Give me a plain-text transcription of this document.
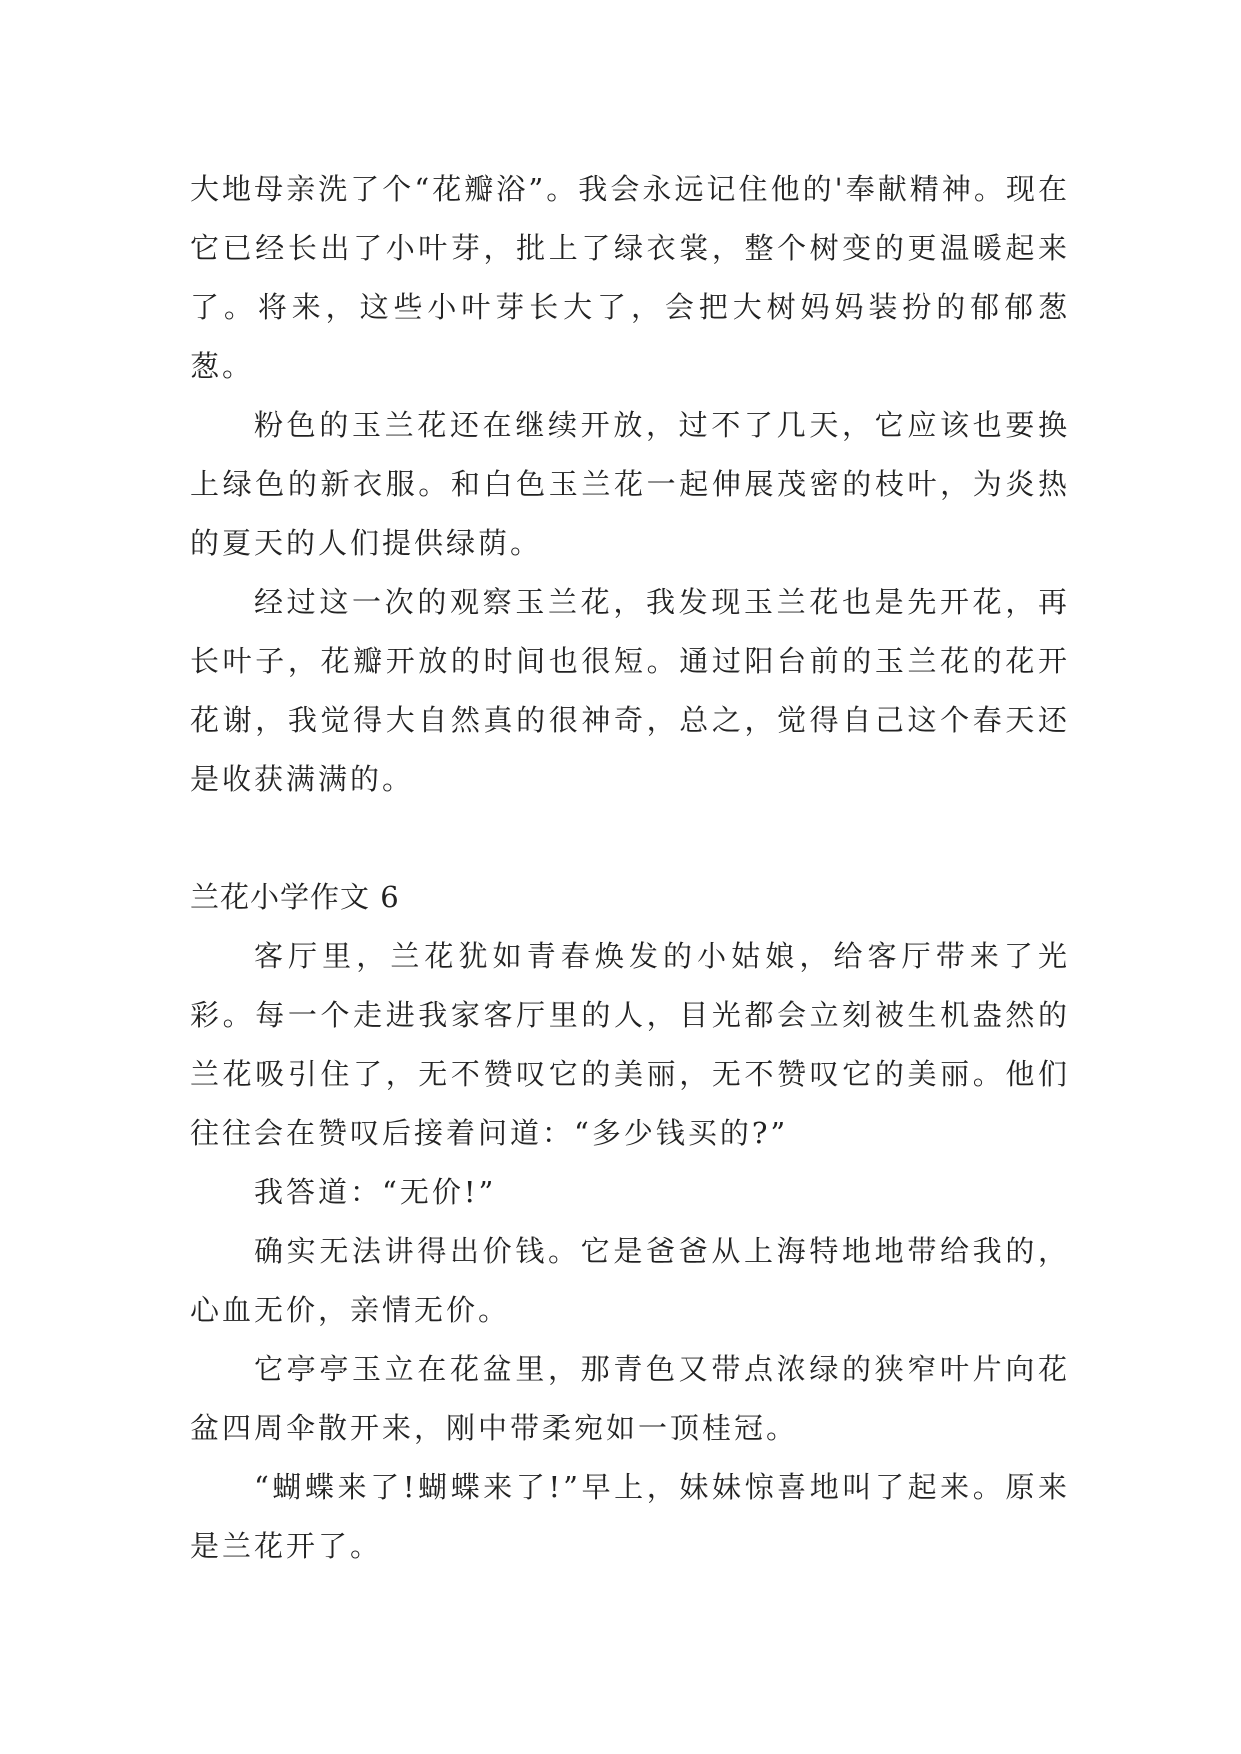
大地母亲洗了个“花瓣浴”。我会永远记住他的'奉献精神。现在它已经长出了小叶芽，批上了绿衣裳，整个树变的更温暖起来了。将来，这些小叶芽长大了，会把大树妈妈装扮的郁郁葱葱。

粉色的玉兰花还在继续开放，过不了几天，它应该也要换上绿色的新衣服。和白色玉兰花一起伸展茂密的枝叶，为炎热的夏天的人们提供绿荫。

经过这一次的观察玉兰花，我发现玉兰花也是先开花，再长叶子，花瓣开放的时间也很短。通过阳台前的玉兰花的花开花谢，我觉得大自然真的很神奇，总之，觉得自己这个春天还是收获满满的。

兰花小学作文 6

客厅里，兰花犹如青春焕发的小姑娘，给客厅带来了光彩。每一个走进我家客厅里的人，目光都会立刻被生机盎然的兰花吸引住了，无不赞叹它的美丽，无不赞叹它的美丽。他们往往会在赞叹后接着问道：“多少钱买的?”

我答道：“无价!”

确实无法讲得出价钱。它是爸爸从上海特地地带给我的，心血无价，亲情无价。

它亭亭玉立在花盆里，那青色又带点浓绿的狭窄叶片向花盆四周伞散开来，刚中带柔宛如一顶桂冠。

“蝴蝶来了!蝴蝶来了!”早上，妹妹惊喜地叫了起来。原来是兰花开了。
